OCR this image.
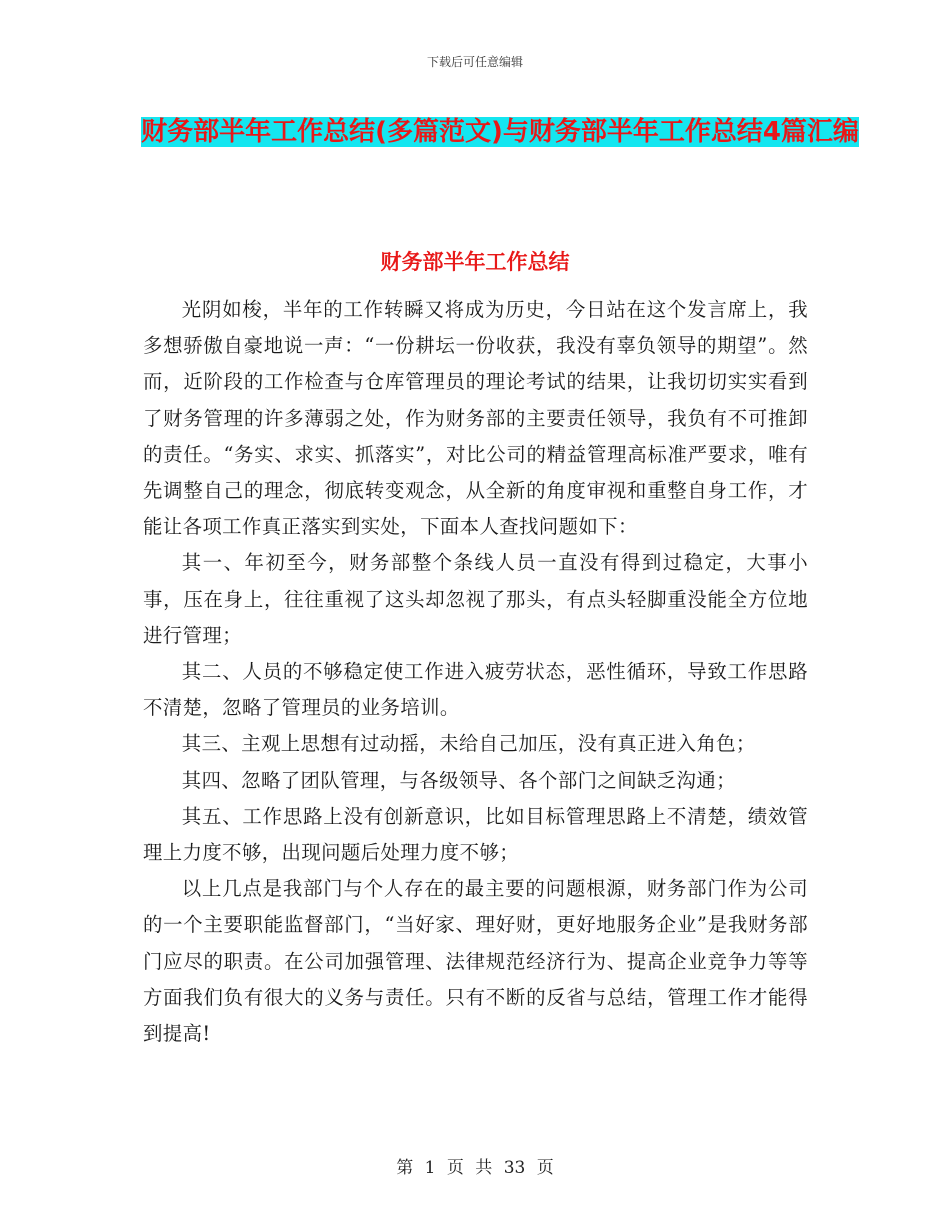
下载后可任意编辑
财务部半年工作总结(多篇范文)与财务部半年工作总结4篇汇编
财务部半年工作总结

光阴如梭，半年的工作转瞬又将成为历史，今日站在这个发言席上，我多想骄傲自豪地说一声：“一份耕坛一份收获，我没有辜负领导的期望”。然而，近阶段的工作检查与仓库管理员的理论考试的结果，让我切切实实看到了财务管理的许多薄弱之处，作为财务部的主要责任领导，我负有不可推卸的责任。“务实、求实、抓落实”，对比公司的精益管理高标准严要求，唯有先调整自己的理念，彻底转变观念，从全新的角度审视和重整自身工作，才能让各项工作真正落实到实处，下面本人查找问题如下：

其一、年初至今，财务部整个条线人员一直没有得到过稳定，大事小事，压在身上，往往重视了这头却忽视了那头，有点头轻脚重没能全方位地进行管理；

其二、人员的不够稳定使工作进入疲劳状态，恶性循环，导致工作思路不清楚，忽略了管理员的业务培训。

其三、主观上思想有过动摇，未给自己加压，没有真正进入角色；

其四、忽略了团队管理，与各级领导、各个部门之间缺乏沟通；

其五、工作思路上没有创新意识，比如目标管理思路上不清楚，绩效管理上力度不够，出现问题后处理力度不够；

以上几点是我部门与个人存在的最主要的问题根源，财务部门作为公司的一个主要职能监督部门，“当好家、理好财，更好地服务企业”是我财务部门应尽的职责。在公司加强管理、法律规范经济行为、提高企业竞争力等等方面我们负有很大的义务与责任。只有不断的反省与总结，管理工作才能得到提高!

第 1 页 共 33 页
